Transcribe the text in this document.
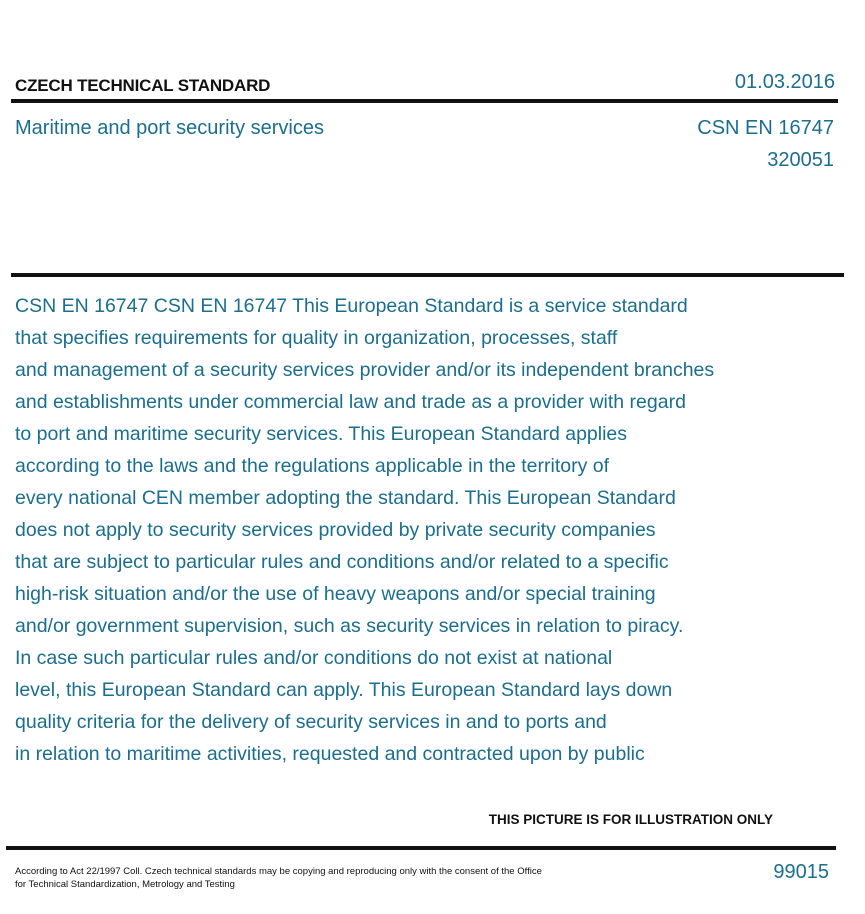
CZECH TECHNICAL STANDARD	01.03.2016
Maritime and port security services	CSN EN 16747
320051
CSN EN 16747 CSN EN 16747 This European Standard is a service standard
that specifies requirements for quality in organization, processes, staff
and management of a security services provider and/or its independent branches
and establishments under commercial law and trade as a provider with regard
to port and maritime security services. This European Standard applies
according to the laws and the regulations applicable in the territory of
every national CEN member adopting the standard. This European Standard
does not apply to security services provided by private security companies
that are subject to particular rules and conditions and/or related to a specific
high-risk situation and/or the use of heavy weapons and/or special training
and/or government supervision, such as security services in relation to piracy.
In case such particular rules and/or conditions do not exist at national
level, this European Standard can apply. This European Standard lays down
quality criteria for the delivery of security services in and to ports and
in relation to maritime activities, requested and contracted upon by public
THIS PICTURE IS FOR ILLUSTRATION ONLY
According to Act 22/1997 Coll. Czech technical standards may be copying and reproducing only with the consent of the Office
for Technical Standardization, Metrology and Testing
99015
